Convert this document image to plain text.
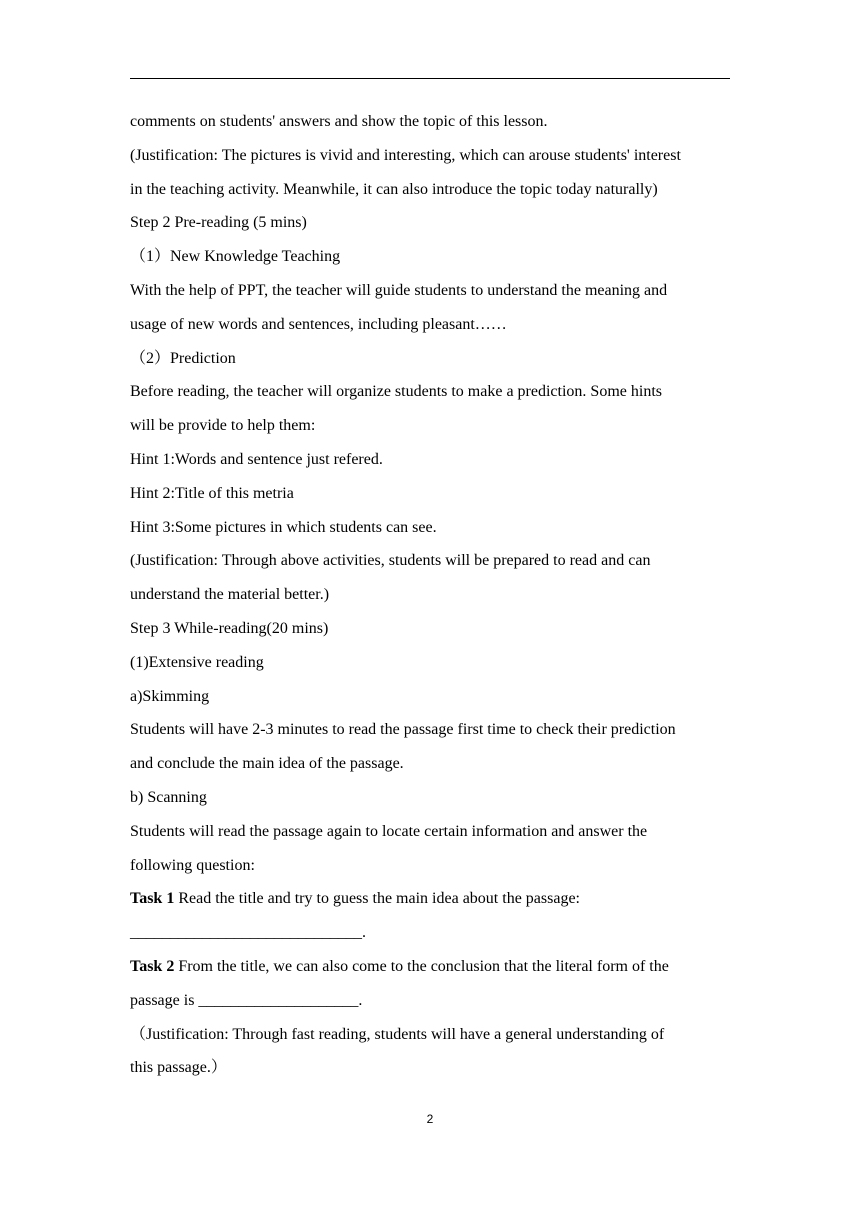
comments on students' answers and show the topic of this lesson.
(Justification: The pictures is vivid and interesting, which can arouse students' interest
in the teaching activity. Meanwhile, it can also introduce the topic today naturally)
Step 2 Pre-reading (5 mins)
（1）New Knowledge Teaching
With the help of PPT, the teacher will guide students to understand the meaning and
usage of new words and sentences, including pleasant……
（2）Prediction
Before reading, the teacher will organize students to make a prediction. Some hints
will be provide to help them:
Hint 1:Words and sentence just refered.
Hint 2:Title of this metria
Hint 3:Some pictures in which students can see.
(Justification: Through above activities, students will be prepared to read and can
understand the material better.)
Step 3 While-reading(20 mins)
(1)Extensive reading
a)Skimming
Students will have 2-3 minutes to read the passage first time to check their prediction
and conclude the main idea of the passage.
b) Scanning
Students will read the passage again to locate certain information and answer the
following question:
Task 1 Read the title and try to guess the main idea about the passage:
_____________________________.
Task 2 From the title, we can also come to the conclusion that the literal form of the
passage is ____________________.
（Justification: Through fast reading, students will have a general understanding of
this passage.）
2
